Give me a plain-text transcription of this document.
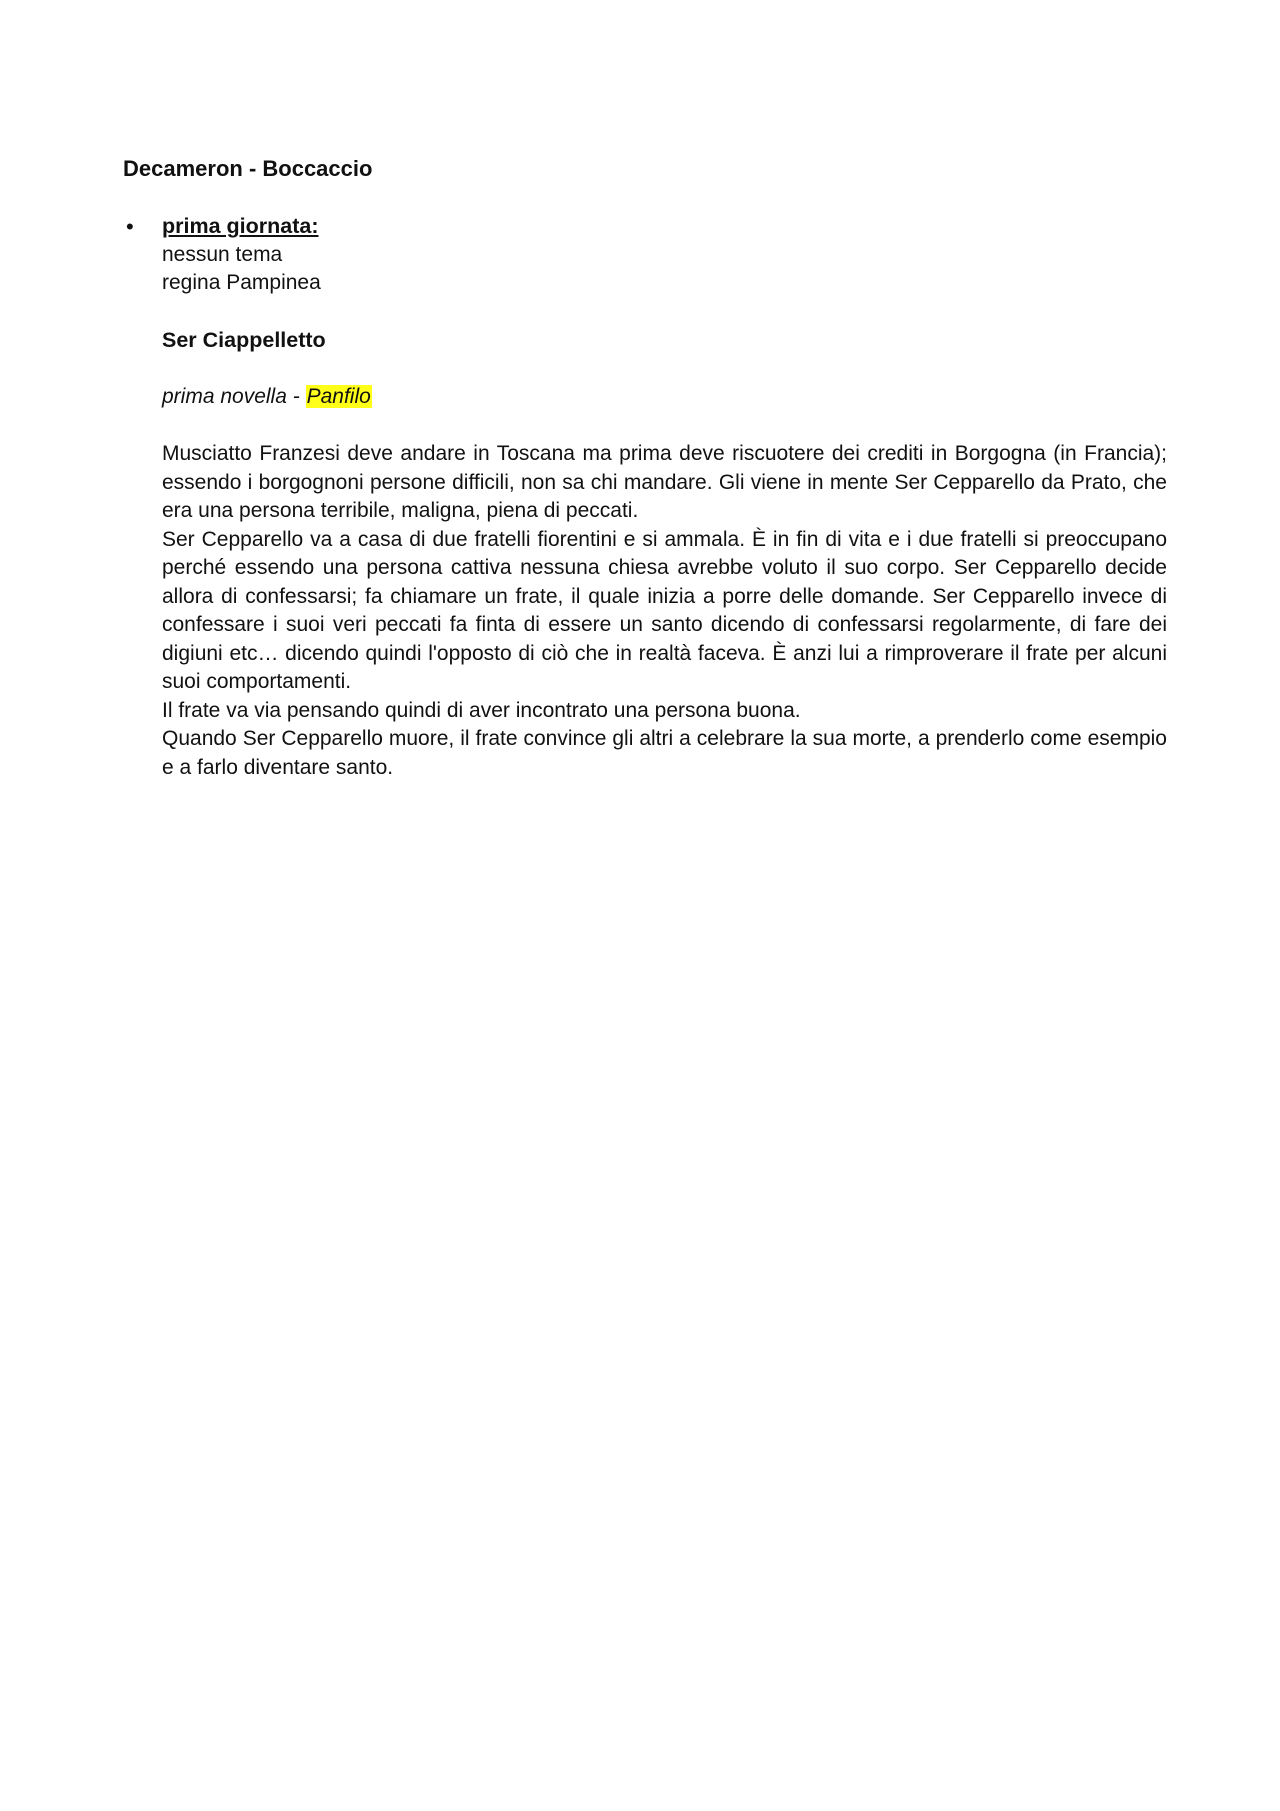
Decameron - Boccaccio
• prima giornata:

nessun tema

regina Pampinea

Ser Ciappelletto

prima novella - Panfilo

Musciatto Franzesi deve andare in Toscana ma prima deve riscuotere dei crediti in Borgogna (in Francia); essendo i borgognoni persone difficili, non sa chi mandare. Gli viene in mente Ser Cepparello da Prato, che era una persona terribile, maligna, piena di peccati.

Ser Cepparello va a casa di due fratelli fiorentini e si ammala. È in fin di vita e i due fratelli si preoccupano perché essendo una persona cattiva nessuna chiesa avrebbe voluto il suo corpo. Ser Cepparello decide allora di confessarsi; fa chiamare un frate, il quale inizia a porre delle domande. Ser Cepparello invece di confessare i suoi veri peccati fa finta di essere un santo dicendo di confessarsi regolarmente, di fare dei digiuni etc… dicendo quindi l'opposto di ciò che in realtà faceva. È anzi lui a rimproverare il frate per alcuni suoi comportamenti.

Il frate va via pensando quindi di aver incontrato una persona buona.

Quando Ser Cepparello muore, il frate convince gli altri a celebrare la sua morte, a prenderlo come esempio e a farlo diventare santo.
